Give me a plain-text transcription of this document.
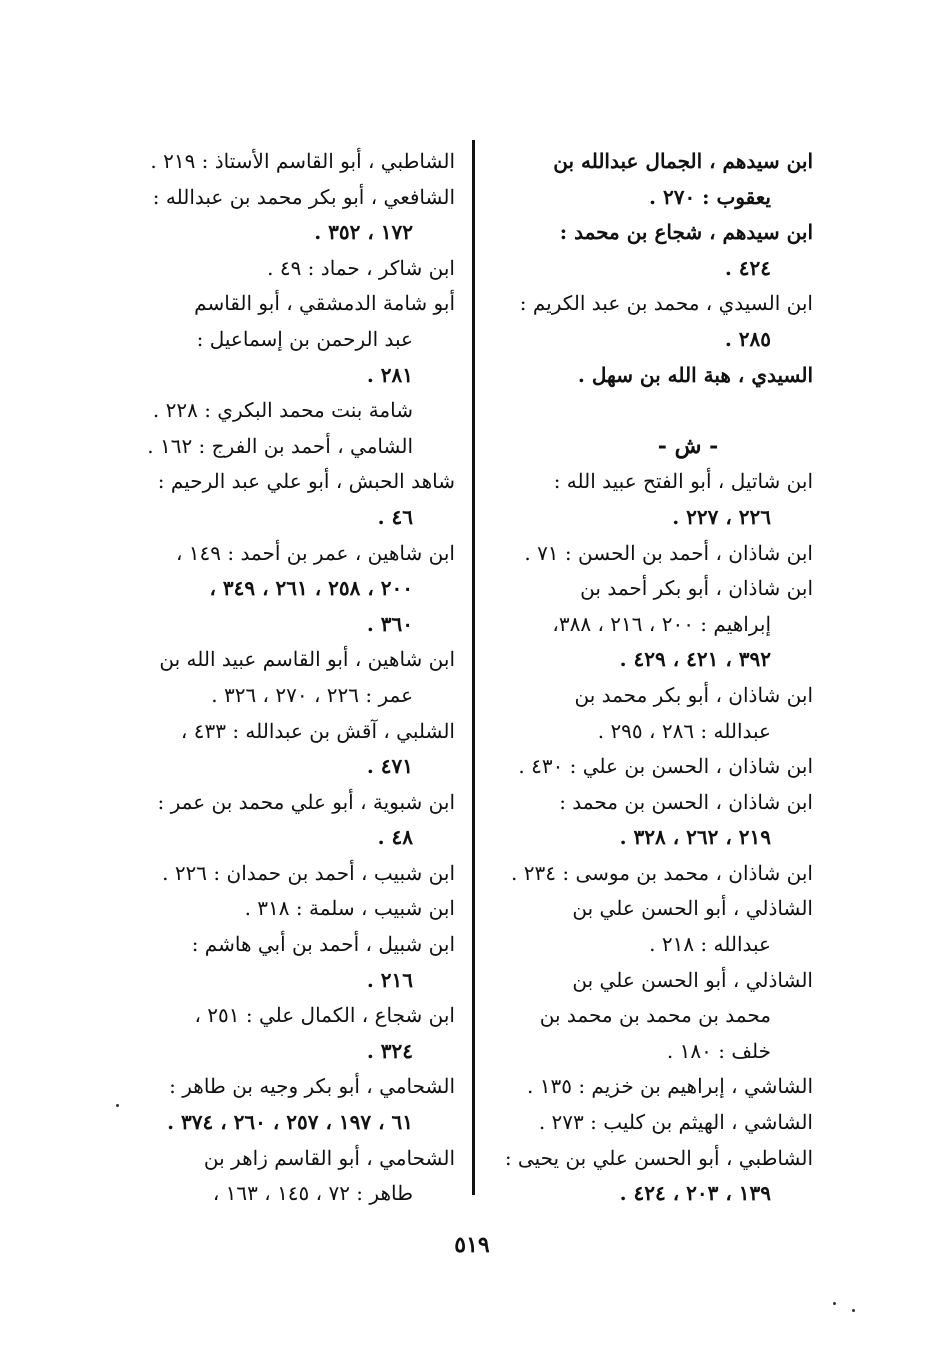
ابن سيدهم ، الجمال عبدالله بن
يعقوب : ٢٧٠ .
ابن سيدهم ، شجاع بن محمد :
٤٢٤ .
ابن السيدي ، محمد بن عبد الكريم :
٢٨٥ .
السيدي ، هبة الله بن سهل .
- ش -
ابن شاتيل ، أبو الفتح عبيد الله :
٢٢٦ ، ٢٢٧ .
ابن شاذان ، أحمد بن الحسن : ٧١ .
ابن شاذان ، أبو بكر أحمد بن
إبراهيم : ٢٠٠ ، ٢١٦ ، ٣٨٨،
٣٩٢ ، ٤٢١ ، ٤٢٩ .
ابن شاذان ، أبو بكر محمد بن
عبدالله : ٢٨٦ ، ٢٩٥ .
ابن شاذان ، الحسن بن علي : ٤٣٠ .
ابن شاذان ، الحسن بن محمد :
٢١٩ ، ٢٦٢ ، ٣٢٨ .
ابن شاذان ، محمد بن موسى : ٢٣٤ .
الشاذلي ، أبو الحسن علي بن
عبدالله : ٢١٨ .
الشاذلي ، أبو الحسن علي بن
محمد بن محمد بن محمد بن
خلف : ١٨٠ .
الشاشي ، إبراهيم بن خزيم : ١٣٥ .
الشاشي ، الهيثم بن كليب : ٢٧٣ .
الشاطبي ، أبو الحسن علي بن يحيى :
١٣٩ ، ٢٠٣ ، ٤٢٤ .
الشاطبي ، أبو القاسم الأستاذ : ٢١٩ .
الشافعي ، أبو بكر محمد بن عبدالله :
١٧٢ ، ٣٥٢ .
ابن شاكر ، حماد : ٤٩ .
أبو شامة الدمشقي ، أبو القاسم
عبد الرحمن بن إسماعيل :
٢٨١ .
شامة بنت محمد البكري : ٢٢٨ .
الشامي ، أحمد بن الفرج : ١٦٢ .
شاهد الحبش ، أبو علي عبد الرحيم :
٤٦ .
ابن شاهين ، عمر بن أحمد : ١٤٩ ،
٢٠٠ ، ٢٥٨ ، ٢٦١ ، ٣٤٩ ،
٣٦٠ .
ابن شاهين ، أبو القاسم عبيد الله بن
عمر : ٢٢٦ ، ٢٧٠ ، ٣٢٦ .
الشلبي ، آقش بن عبدالله : ٤٣٣ ،
٤٧١ .
ابن شبوية ، أبو علي محمد بن عمر :
٤٨ .
ابن شبيب ، أحمد بن حمدان : ٢٢٦ .
ابن شبيب ، سلمة : ٣١٨ .
ابن شبيل ، أحمد بن أبي هاشم :
٢١٦ .
ابن شجاع ، الكمال علي : ٢٥١ ،
٣٢٤ .
الشحامي ، أبو بكر وجيه بن طاهر :
٦١ ، ١٩٧ ، ٢٥٧ ، ٢٦٠ ، ٣٧٤ .
الشحامي ، أبو القاسم زاهر بن
طاهر : ٧٢ ، ١٤٥ ، ١٦٣ ،
٥١٩
